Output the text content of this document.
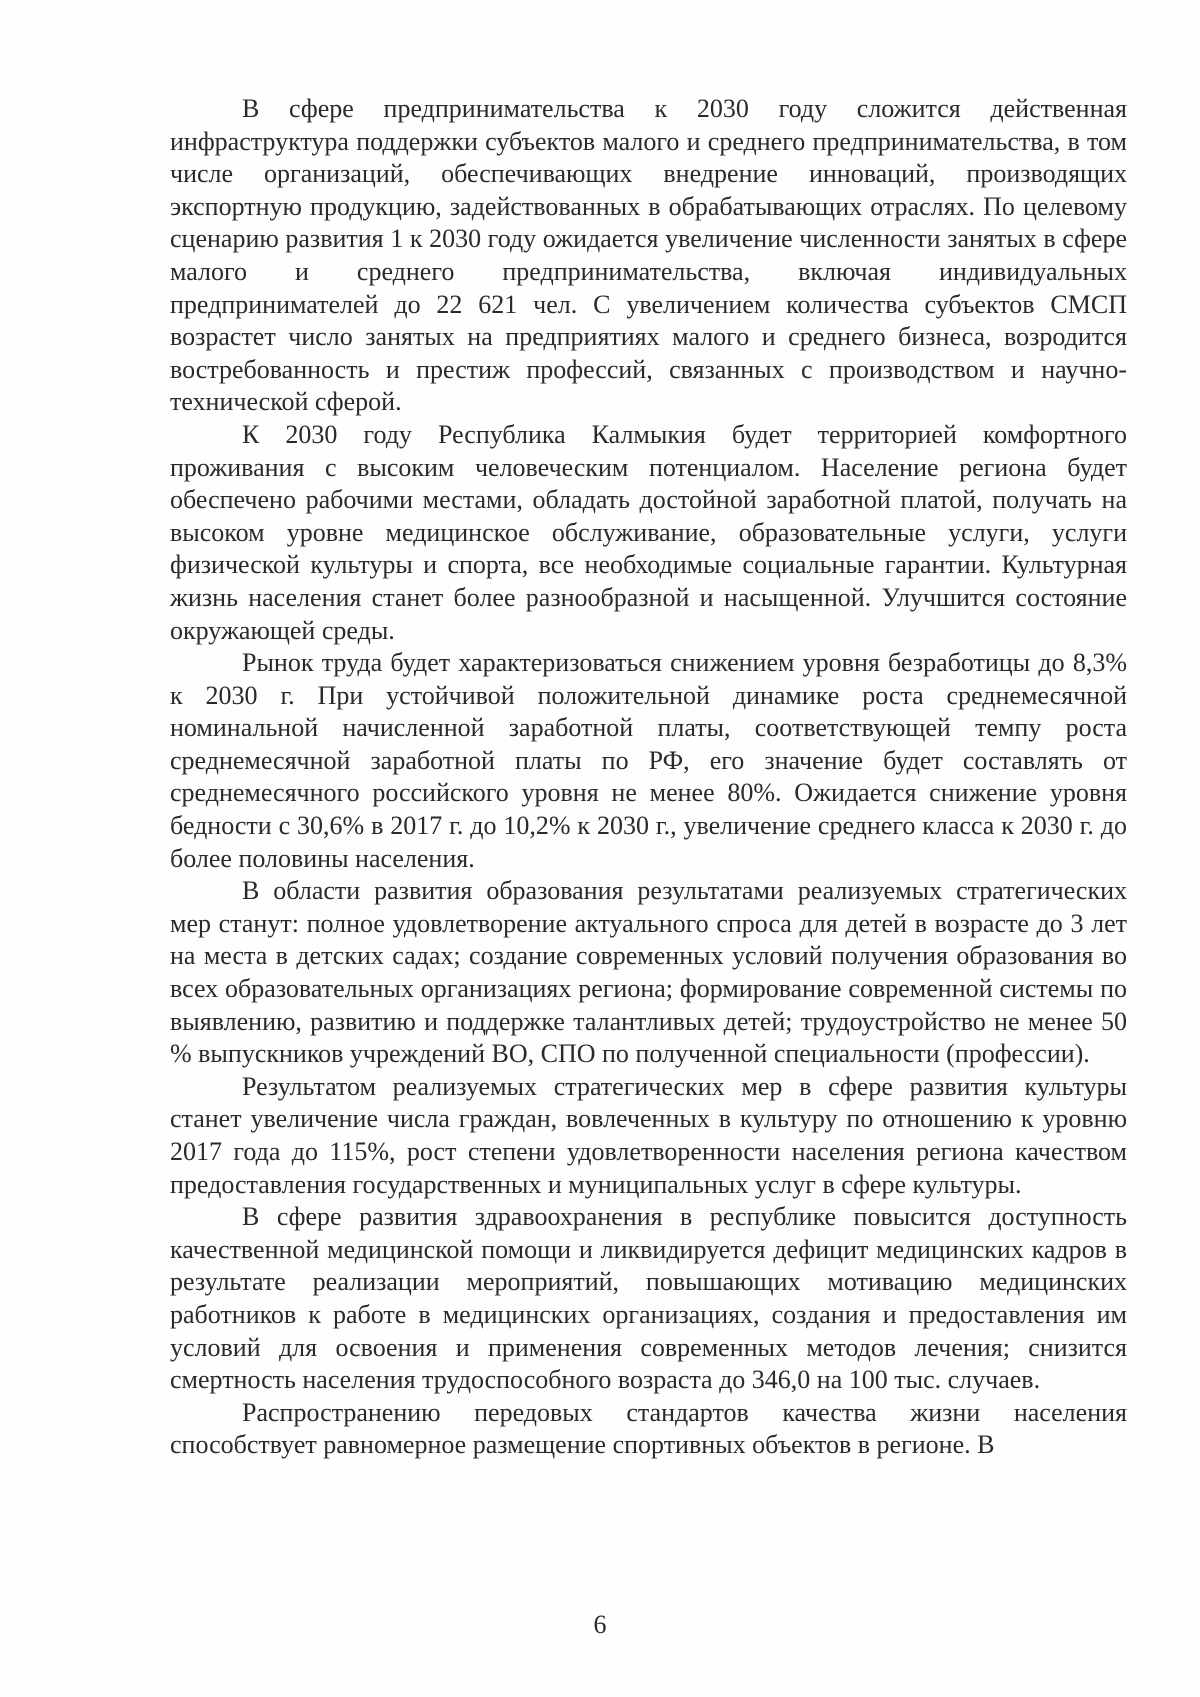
В сфере предпринимательства к 2030 году сложится действенная инфраструктура поддержки субъектов малого и среднего предпринимательства, в том числе организаций, обеспечивающих внедрение инноваций, производящих экспортную продукцию, задействованных в обрабатывающих отраслях. По целевому сценарию развития 1 к 2030 году ожидается увеличение численности занятых в сфере малого и среднего предпринимательства, включая индивидуальных предпринимателей до 22 621 чел. С увеличением количества субъектов СМСП возрастет число занятых на предприятиях малого и среднего бизнеса, возродится востребованность и престиж профессий, связанных с производством и научно-технической сферой.

К 2030 году Республика Калмыкия будет территорией комфортного проживания с высоким человеческим потенциалом. Население региона будет обеспечено рабочими местами, обладать достойной заработной платой, получать на высоком уровне медицинское обслуживание, образовательные услуги, услуги физической культуры и спорта, все необходимые социальные гарантии. Культурная жизнь населения станет более разнообразной и насыщенной. Улучшится состояние окружающей среды.

Рынок труда будет характеризоваться снижением уровня безработицы до 8,3% к 2030 г. При устойчивой положительной динамике роста среднемесячной номинальной начисленной заработной платы, соответствующей темпу роста среднемесячной заработной платы по РФ, его значение будет составлять от среднемесячного российского уровня не менее 80%. Ожидается снижение уровня бедности с 30,6% в 2017 г. до 10,2% к 2030 г., увеличение среднего класса к 2030 г. до более половины населения.

В области развития образования результатами реализуемых стратегических мер станут: полное удовлетворение актуального спроса для детей в возрасте до 3 лет на места в детских садах; создание современных условий получения образования во всех образовательных организациях региона; формирование современной системы по выявлению, развитию и поддержке талантливых детей; трудоустройство не менее 50 % выпускников учреждений ВО, СПО по полученной специальности (профессии).

Результатом реализуемых стратегических мер в сфере развития культуры станет увеличение числа граждан, вовлеченных в культуру по отношению к уровню 2017 года до 115%, рост степени удовлетворенности населения региона качеством предоставления государственных и муниципальных услуг в сфере культуры.

В сфере развития здравоохранения в республике повысится доступность качественной медицинской помощи и ликвидируется дефицит медицинских кадров в результате реализации мероприятий, повышающих мотивацию медицинских работников к работе в медицинских организациях, создания и предоставления им условий для освоения и применения современных методов лечения; снизится смертность населения трудоспособного возраста до 346,0 на 100 тыс. случаев.

Распространению передовых стандартов качества жизни населения способствует равномерное размещение спортивных объектов в регионе. В

6
